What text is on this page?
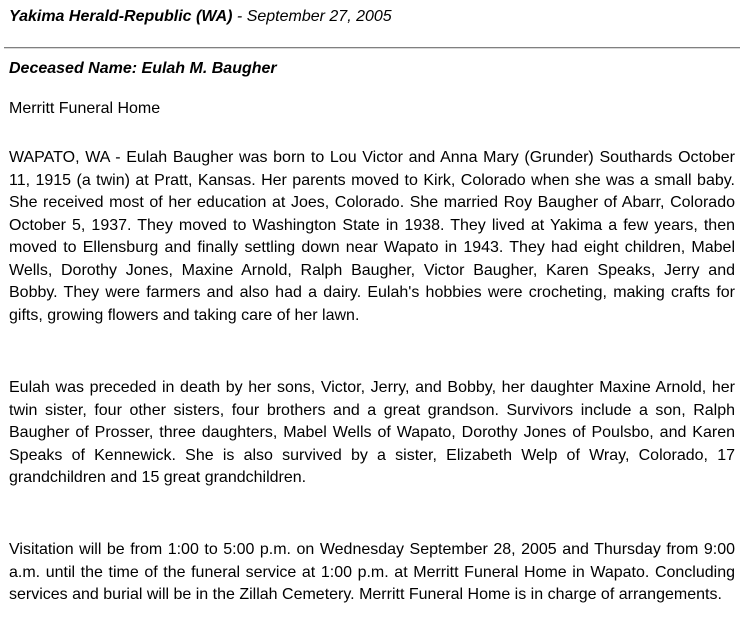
Yakima Herald-Republic (WA) - September 27, 2005
Deceased Name: Eulah M. Baugher
Merritt Funeral Home

WAPATO, WA - Eulah Baugher was born to Lou Victor and Anna Mary (Grunder) Southards October 11, 1915 (a twin) at Pratt, Kansas. Her parents moved to Kirk, Colorado when she was a small baby. She received most of her education at Joes, Colorado. She married Roy Baugher of Abarr, Colorado October 5, 1937. They moved to Washington State in 1938. They lived at Yakima a few years, then moved to Ellensburg and finally settling down near Wapato in 1943. They had eight children, Mabel Wells, Dorothy Jones, Maxine Arnold, Ralph Baugher, Victor Baugher, Karen Speaks, Jerry and Bobby. They were farmers and also had a dairy. Eulah's hobbies were crocheting, making crafts for gifts, growing flowers and taking care of her lawn.

Eulah was preceded in death by her sons, Victor, Jerry, and Bobby, her daughter Maxine Arnold, her twin sister, four other sisters, four brothers and a great grandson. Survivors include a son, Ralph Baugher of Prosser, three daughters, Mabel Wells of Wapato, Dorothy Jones of Poulsbo, and Karen Speaks of Kennewick. She is also survived by a sister, Elizabeth Welp of Wray, Colorado, 17 grandchildren and 15 great grandchildren.

Visitation will be from 1:00 to 5:00 p.m. on Wednesday September 28, 2005 and Thursday from 9:00 a.m. until the time of the funeral service at 1:00 p.m. at Merritt Funeral Home in Wapato. Concluding services and burial will be in the Zillah Cemetery. Merritt Funeral Home is in charge of arrangements.
